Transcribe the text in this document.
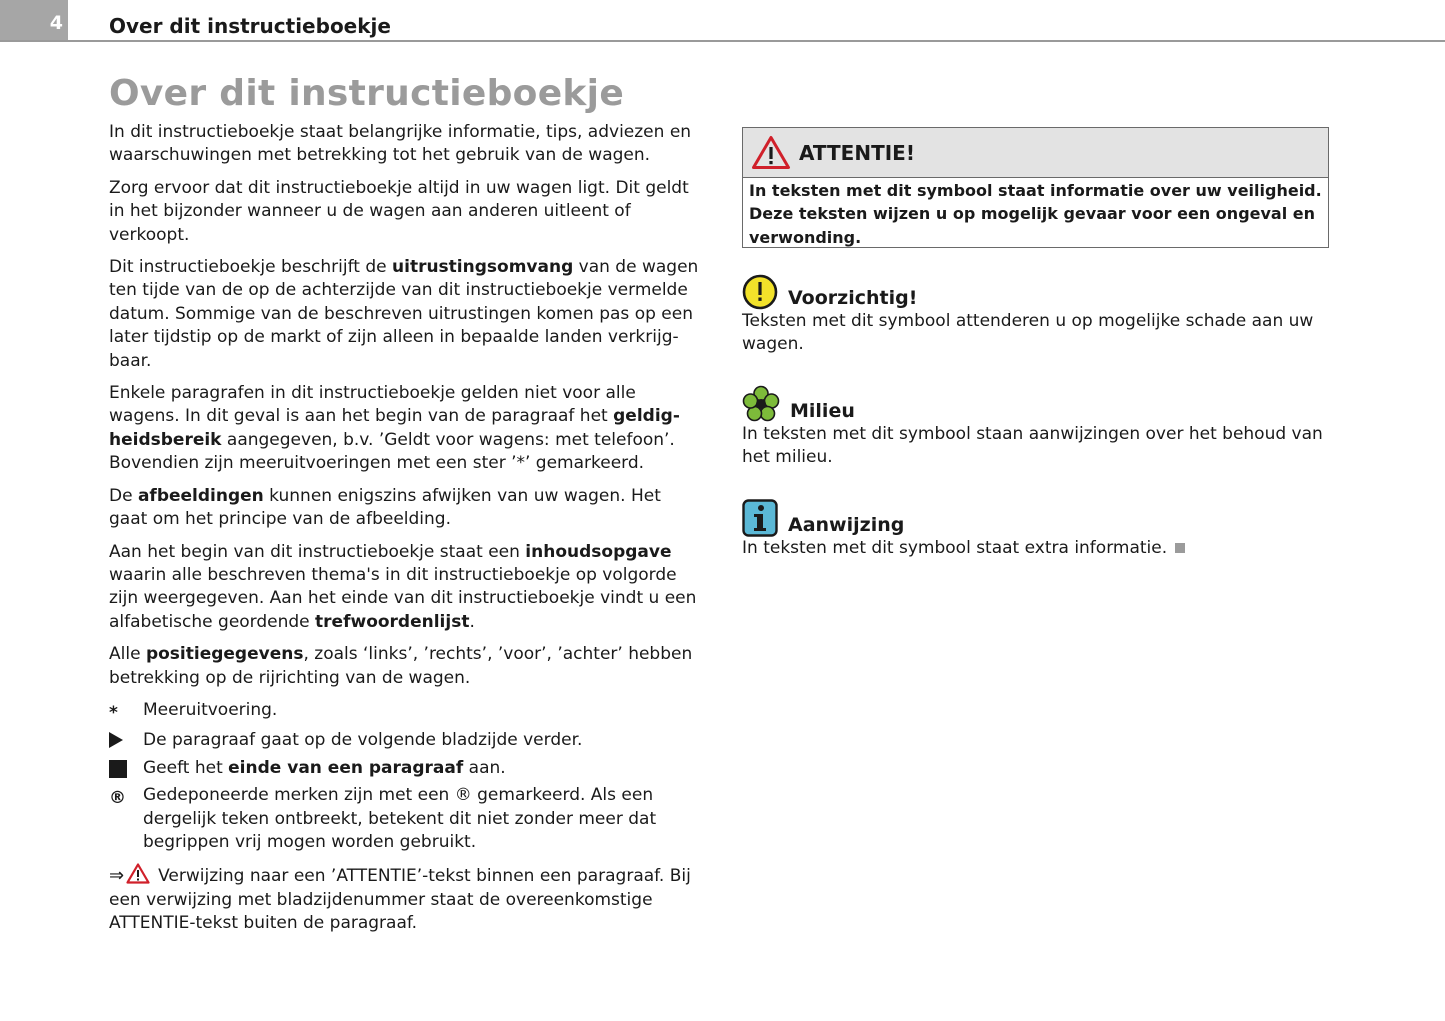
4 Over dit instructieboekje
Over dit instructieboekje

In dit instructieboekje staat belangrijke informatie, tips, adviezen en waarschuwingen met betrekking tot het gebruik van de wagen.

Zorg ervoor dat dit instructieboekje altijd in uw wagen ligt. Dit geldt in het bijzonder wanneer u de wagen aan anderen uitleent of verkoopt.

Dit instructieboekje beschrijft de uitrustingsomvang van de wagen ten tijde van de op de achterzijde van dit instructieboekje vermelde datum. Sommige van de beschreven uitrustingen komen pas op een later tijdstip op de markt of zijn alleen in bepaalde landen verkrijg-baar.

Enkele paragrafen in dit instructieboekje gelden niet voor alle wagens. In dit geval is aan het begin van de paragraaf het geldig-heidsbereik aangegeven, b.v. ’Geldt voor wagens: met telefoon’. Bovendien zijn meeruitvoeringen met een ster ’*’ gemarkeerd.

De afbeeldingen kunnen enigszins afwijken van uw wagen. Het gaat om het principe van de afbeelding.

Aan het begin van dit instructieboekje staat een inhoudsopgave waarin alle beschreven thema's in dit instructieboekje op volgorde zijn weergegeven. Aan het einde van dit instructieboekje vindt u een alfabetische geordende trefwoordenlijst.

Alle positiegegevens, zoals ‘links’, ’rechts’, ’voor’, ’achter’ hebben betrekking op de rijrichting van de wagen.

*	Meeruitvoering.
De paragraaf gaat op de volgende bladzijde verder.
Geeft het einde van een paragraaf aan.
®	Gedeponeerde merken zijn met een ® gemarkeerd. Als een dergelijk teken ontbreekt, betekent dit niet zonder meer dat begrippen vrij mogen worden gebruikt.
⇒ Verwijzing naar een ’ATTENTIE’-tekst binnen een paragraaf. Bij een verwijzing met bladzijdenummer staat de overeenkomstige ATTENTIE-tekst buiten de paragraaf.
ATTENTIE!
In teksten met dit symbool staat informatie over uw veiligheid. Deze teksten wijzen u op mogelijk gevaar voor een ongeval en verwonding.
Voorzichtig!
Teksten met dit symbool attenderen u op mogelijke schade aan uw wagen.
Milieu
In teksten met dit symbool staan aanwijzingen over het behoud van het milieu.
Aanwijzing
In teksten met dit symbool staat extra informatie.
